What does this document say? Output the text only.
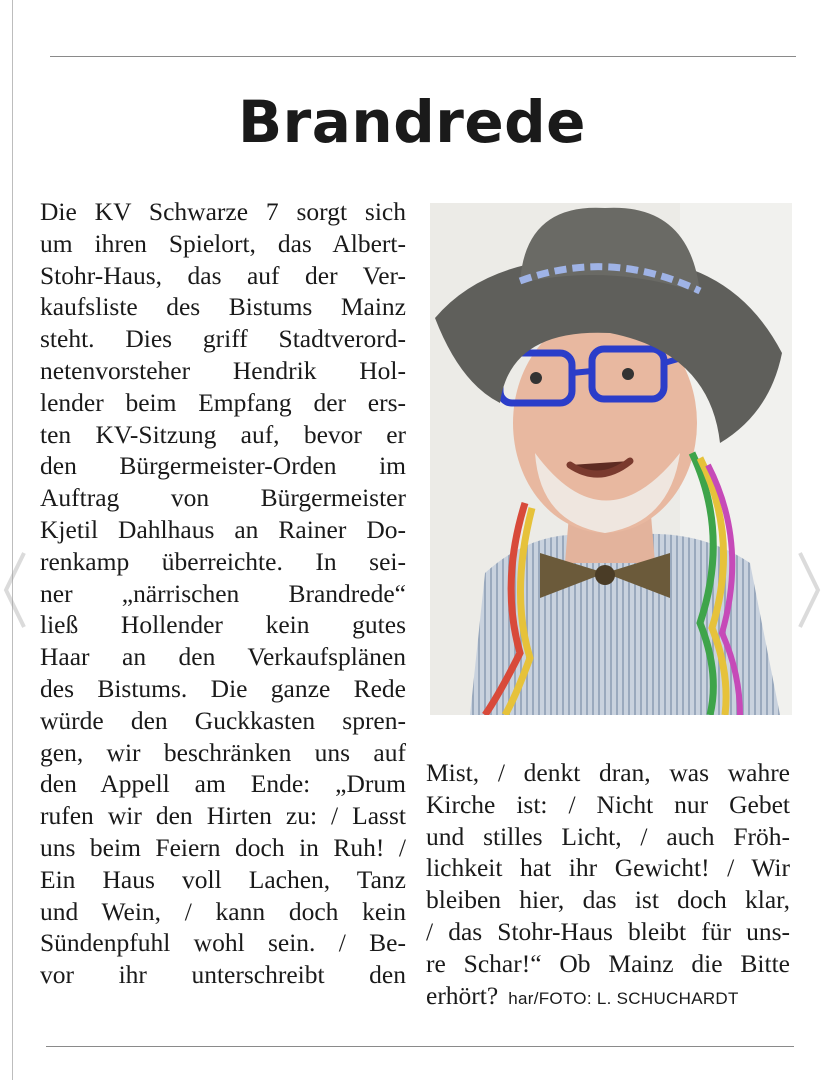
Brandrede
Die KV Schwarze 7 sorgt sich
um ihren Spielort, das Albert-
Stohr-Haus, das auf der Ver-
kaufsliste des Bistums Mainz
steht. Dies griff Stadtverord-
netenvorsteher Hendrik Hol-
lender beim Empfang der ers-
ten KV-Sitzung auf, bevor er
den Bürgermeister-Orden im
Auftrag von Bürgermeister
Kjetil Dahlhaus an Rainer Do-
renkamp überreichte. In sei-
ner „närrischen Brandrede“
ließ Hollender kein gutes
Haar an den Verkaufsplänen
des Bistums. Die ganze Rede
würde den Guckkasten spren-
gen, wir beschränken uns auf
den Appell am Ende: „Drum
rufen wir den Hirten zu: / Lasst
uns beim Feiern doch in Ruh! /
Ein Haus voll Lachen, Tanz
und Wein, / kann doch kein
Sündenpfuhl wohl sein. / Be-
vor ihr unterschreibt den
Mist, / denkt dran, was wahre
Kirche ist: / Nicht nur Gebet
und stilles Licht, / auch Fröh-
lichkeit hat ihr Gewicht! / Wir
bleiben hier, das ist doch klar,
/ das Stohr-Haus bleibt für uns-
re Schar!“ Ob Mainz die Bitte
erhört? har/FOTO: L. SCHUCHARDT
